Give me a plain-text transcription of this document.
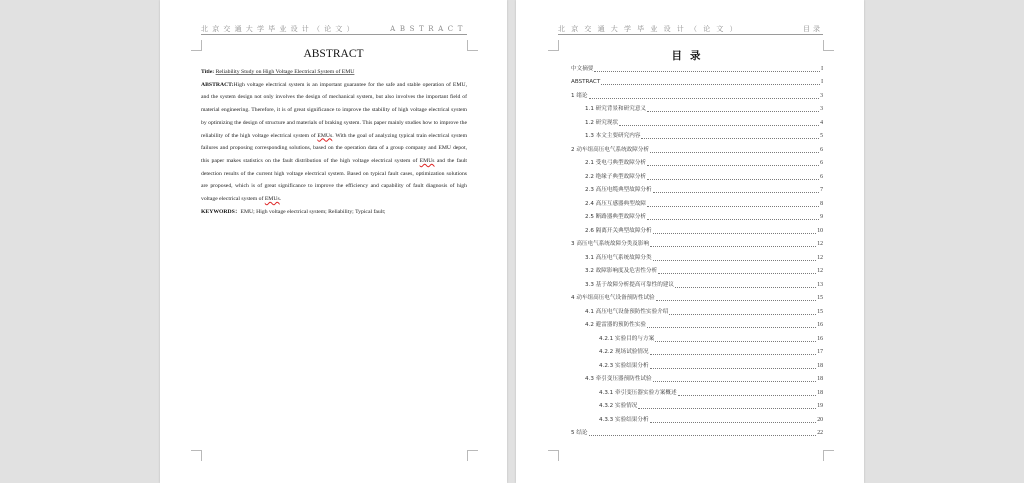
北京交通大学毕业设计（论文）	ABSTRACT
ABSTRACT

Title: Reliability Study on High Voltage Electrical System of EMU

ABSTRACT:High voltage electrical system is an important guarantee for the safe and stable operation of EMU, and the system design not only involves the design of mechanical system, but also involves the important field of material engineering. Therefore, it is of great significance to improve the stability of high voltage electrical system by optimizing the design of structure and materials of braking system. This paper mainly studies how to improve the reliability of the high voltage electrical system of EMUs. With the goal of analyzing typical train electrical system failures and proposing corresponding solutions, based on the operation data of a group company and EMU depot, this paper makes statistics on the fault distribution of the high voltage electrical system of EMUs and the fault detection results of the current high voltage electrical system. Based on typical fault cases, optimization solutions are proposed, which is of great significance to improve the efficiency and capability of fault diagnosis of high voltage electrical system of EMUs.

KEYWORDS：EMU; High voltage electrical system; Reliability; Typical fault;

北京交通大学毕业设计（论文）	目录
目录
中文摘要	I
ABSTRACT	I
1 绪论	3
1.1 研究背景和研究意义	3
1.2 研究现状	4
1.3 本文主要研究内容	5
2 动车组高压电气系统故障分析	6
2.1 受电弓典型故障分析	6
2.2 绝缘子典型故障分析	6
2.3 高压电缆典型故障分析	7
2.4 高压互感器典型故障	8
2.5 断路器典型故障分析	9
2.6 隔离开关典型故障分析	10
3 高压电气系统故障分类及影响	12
3.1 高压电气系统故障分类	12
3.2 故障影响度及危害性分析	12
3.3 基于故障分析提高可靠性的建议	13
4 动车组高压电气设备预防性试验	15
4.1 高压电气设备预防性实验介绍	15
4.2 避雷器的预防性实验	16
4.2.1 实验目的与方案	16
4.2.2 现场试验情况	17
4.2.3 实验结果分析	18
4.3 牵引变压器预防性试验	18
4.3.1 牵引变压器实验方案概述	18
4.3.2 实验情况	19
4.3.3 实验结果分析	20
5 结论	22
